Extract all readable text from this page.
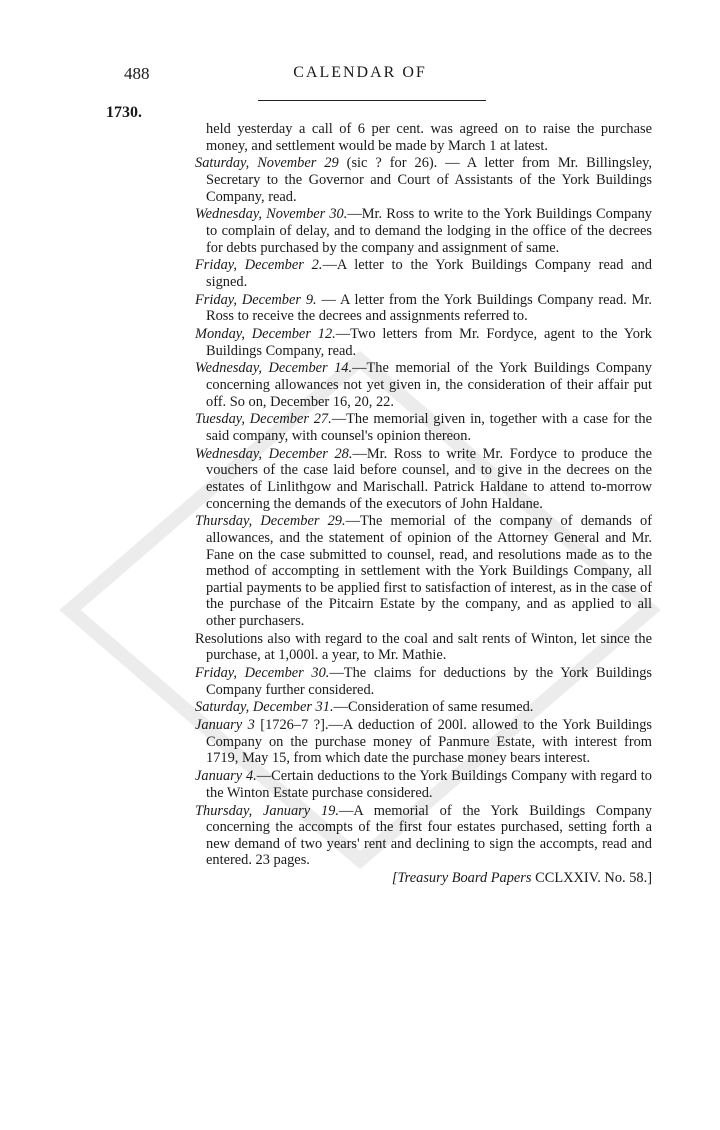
488	CALENDAR OF
1730.

held yesterday a call of 6 per cent. was agreed on to raise the purchase money, and settlement would be made by March 1 at latest.

Saturday, November 29 (sic ? for 26). — A letter from Mr. Billingsley, Secretary to the Governor and Court of Assistants of the York Buildings Company, read.

Wednesday, November 30.—Mr. Ross to write to the York Buildings Company to complain of delay, and to demand the lodging in the office of the decrees for debts purchased by the company and assignment of same.

Friday, December 2.—A letter to the York Buildings Company read and signed.

Friday, December 9. — A letter from the York Buildings Company read. Mr. Ross to receive the decrees and assignments referred to.

Monday, December 12.—Two letters from Mr. Fordyce, agent to the York Buildings Company, read.

Wednesday, December 14.—The memorial of the York Buildings Company concerning allowances not yet given in, the consideration of their affair put off. So on, December 16, 20, 22.

Tuesday, December 27.—The memorial given in, together with a case for the said company, with counsel's opinion thereon.

Wednesday, December 28.—Mr. Ross to write Mr. Fordyce to produce the vouchers of the case laid before counsel, and to give in the decrees on the estates of Linlithgow and Marischall. Patrick Haldane to attend to-morrow concerning the demands of the executors of John Haldane.

Thursday, December 29.—The memorial of the company of demands of allowances, and the statement of opinion of the Attorney General and Mr. Fane on the case submitted to counsel, read, and resolutions made as to the method of accompting in settlement with the York Buildings Company, all partial payments to be applied first to satisfaction of interest, as in the case of the purchase of the Pitcairn Estate by the company, and as applied to all other purchasers.

Resolutions also with regard to the coal and salt rents of Winton, let since the purchase, at 1,000l. a year, to Mr. Mathie.

Friday, December 30.—The claims for deductions by the York Buildings Company further considered.

Saturday, December 31.—Consideration of same resumed.

January 3 [1726–7 ?].—A deduction of 200l. allowed to the York Buildings Company on the purchase money of Panmure Estate, with interest from 1719, May 15, from which date the purchase money bears interest.

January 4.—Certain deductions to the York Buildings Company with regard to the Winton Estate purchase considered.

Thursday, January 19.—A memorial of the York Buildings Company concerning the accompts of the first four estates purchased, setting forth a new demand of two years' rent and declining to sign the accompts, read and entered. 23 pages.

[Treasury Board Papers CCLXXIV. No. 58.]
